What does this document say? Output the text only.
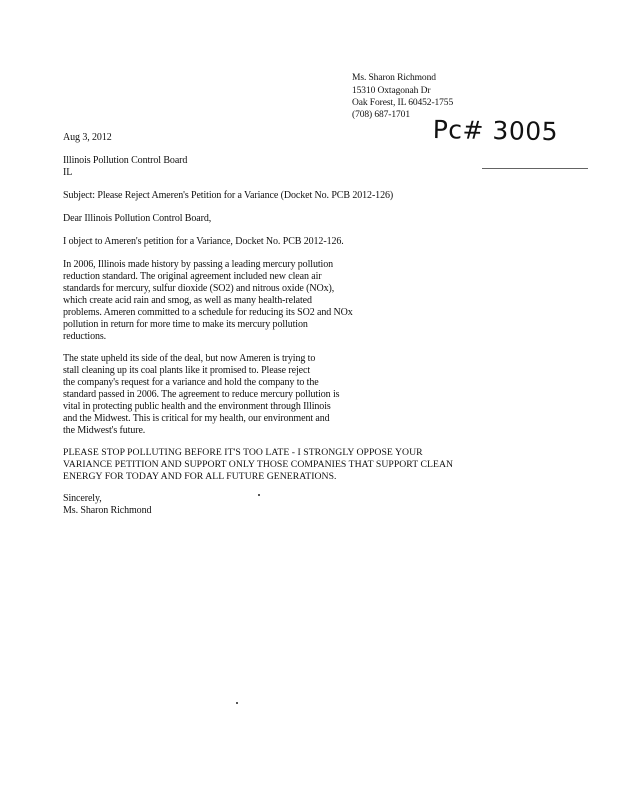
Ms. Sharon Richmond
15310 Oxtagonah Dr
Oak Forest, IL 60452-1755
(708) 687-1701 Pc# 3005
Aug 3, 2012
Illinois Pollution Control Board
IL
Subject: Please Reject Ameren's Petition for a Variance (Docket No. PCB 2012-126)
Dear Illinois Pollution Control Board,
I object to Ameren's petition for a Variance, Docket No. PCB 2012-126.
In 2006, Illinois made history by passing a leading mercury pollution
reduction standard. The original agreement included new clean air
standards for mercury, sulfur dioxide (SO2) and nitrous oxide (NOx),
which create acid rain and smog, as well as many health-related
problems. Ameren committed to a schedule for reducing its SO2 and NOx
pollution in return for more time to make its mercury pollution
reductions.
The state upheld its side of the deal, but now Ameren is trying to
stall cleaning up its coal plants like it promised to. Please reject
the company's request for a variance and hold the company to the
standard passed in 2006. The agreement to reduce mercury pollution is
vital in protecting public health and the environment through Illinois
and the Midwest. This is critical for my health, our environment and
the Midwest's future.
PLEASE STOP POLLUTING BEFORE IT'S TOO LATE - I STRONGLY OPPOSE YOUR
VARIANCE PETITION AND SUPPORT ONLY THOSE COMPANIES THAT SUPPORT CLEAN
ENERGY FOR TODAY AND FOR ALL FUTURE GENERATIONS.
Sincerely,
Ms. Sharon Richmond
